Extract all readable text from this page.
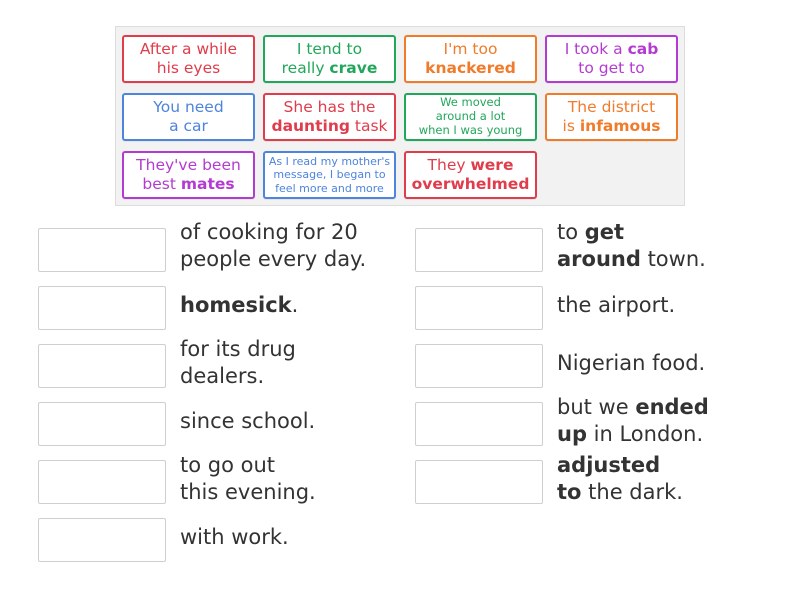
After a while
his eyes
I tend to
really crave
I'm too
knackered
I took a cab
to get to
You need
a car
She has the
daunting task
We moved
around a lot
when I was young
The district
is infamous
They've been
best mates
As I read my mother's
message, I began to
feel more and more
They were
overwhelmed
of cooking for 20
people every day.
homesick.
for its drug
dealers.
since school.
to go out
this evening.
with work.
to get
around town.
the airport.
Nigerian food.
but we ended
up in London.
adjusted
to the dark.
